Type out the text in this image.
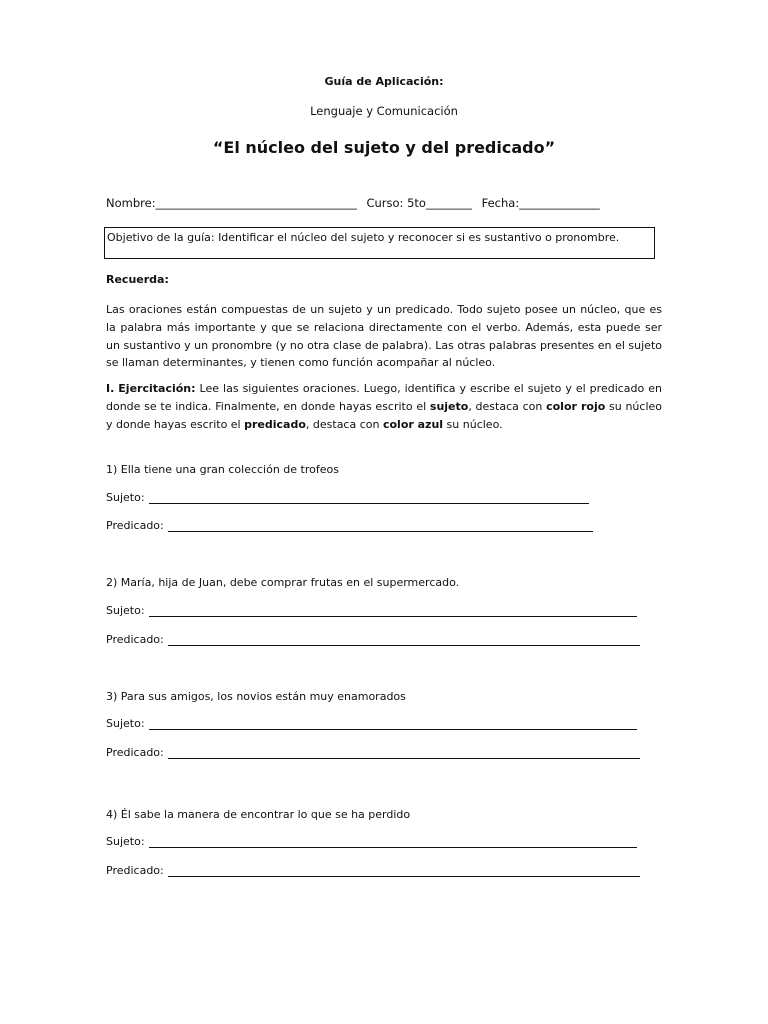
Guía de Aplicación:
Lenguaje y Comunicación
“El núcleo del sujeto y del predicado”
Nombre:___________________________________ Curso: 5to________ Fecha:______________
Objetivo de la guía: Identificar el núcleo del sujeto y reconocer si es sustantivo o pronombre.
Recuerda:

Las oraciones están compuestas de un sujeto y un predicado. Todo sujeto posee un núcleo, que es la palabra más importante y que se relaciona directamente con el verbo. Además, esta puede ser un sustantivo y un pronombre (y no otra clase de palabra). Las otras palabras presentes en el sujeto se llaman determinantes, y tienen como función acompañar al núcleo.

I. Ejercitación: Lee las siguientes oraciones. Luego, identifica y escribe el sujeto y el predicado en donde se te indica. Finalmente, en donde hayas escrito el sujeto, destaca con color rojo su núcleo y donde hayas escrito el predicado, destaca con color azul su núcleo.

1) Ella tiene una gran colección de trofeos
Sujeto:
Predicado:
2) María, hija de Juan, debe comprar frutas en el supermercado.
Sujeto:
Predicado:
3) Para sus amigos, los novios están muy enamorados
Sujeto:
Predicado:
4) Él sabe la manera de encontrar lo que se ha perdido
Sujeto:
Predicado:
